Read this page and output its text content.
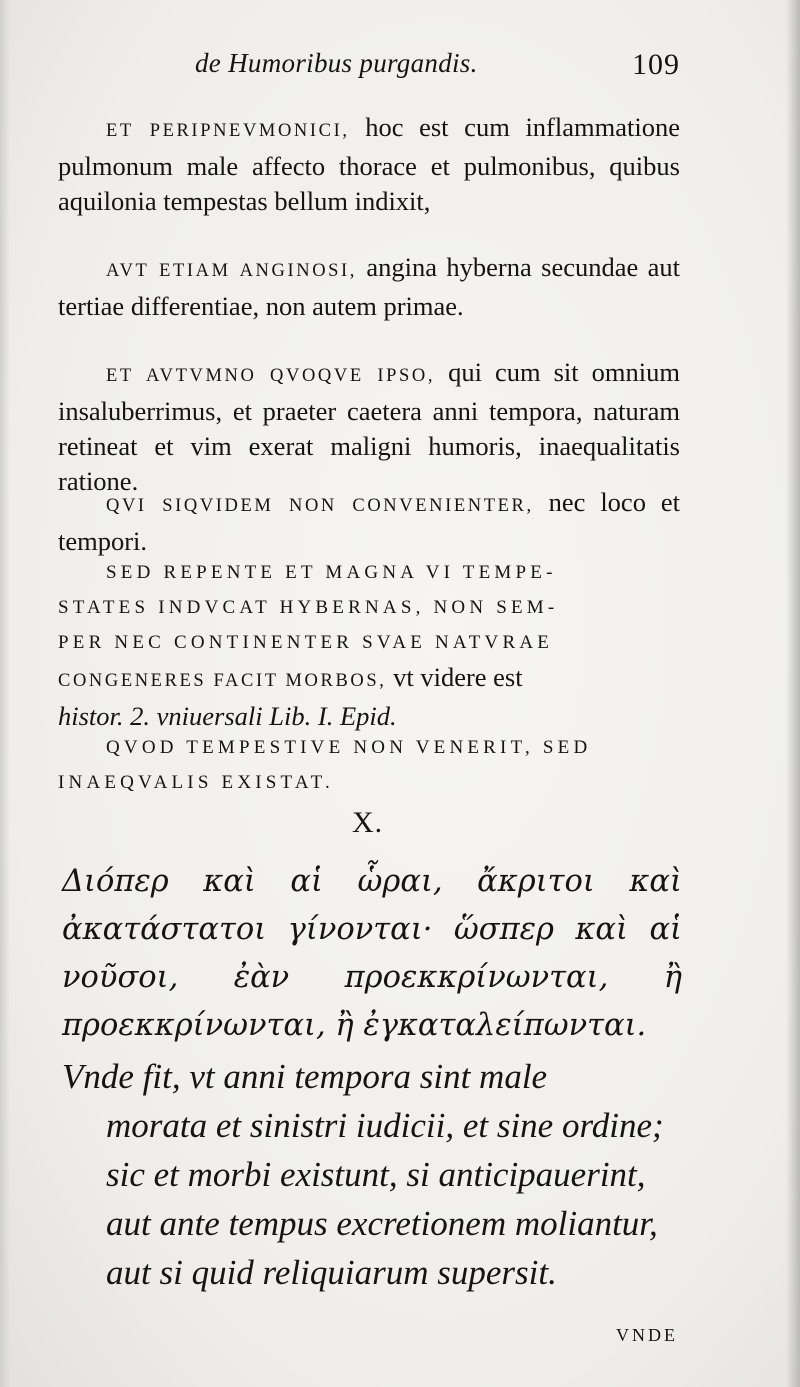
de Humoribus purgandis.	109
ET PERIPNEVMONICI, hoc est cum inflammatione pulmonum male affecto thorace et pulmonibus, quibus aquilonia tempestas bellum indixit,
AVT ETIAM ANGINOSI, angina hyberna secundae aut tertiae differentiae, non autem primae.
ET AVTVMNO QVOQVE IPSO, qui cum sit omnium insaluberrimus, et praeter caetera anni tempora, naturam retineat et vim exerat maligni humoris, inaequalitatis ratione.
QVI SIQVIDEM NON CONVENIENTER, nec loco et tempori.
SED REPENTE ET MAGNA VI TEMPE-
STATES INDVCAT HYBERNAS, NON SEM-
PER NEC CONTINENTER SVAE NATVRAE
CONGENERES FACIT MORBOS, vt videre est
histor. 2. vniuersali Lib. I. Epid.
QVOD TEMPESTIVE NON VENERIT, SED
INAEQVALIS EXISTAT.
X.
Διόπερ καὶ αἱ ὧραι, ἄκριτοι καὶ ἀκατάστατοι γίνονται· ὥσπερ καὶ αἱ νοῦσοι, ἐὰν προεκκρίνωνται, ἢ προεκκρίνωνται, ἢ ἐγκαταλείπωνται.
Vnde fit, vt anni tempora sint male
morata et sinistri iudicii, et sine ordine; sic et morbi existunt, si anticipauerint, aut ante tempus excretionem moliantur, aut si quid reliquiarum supersit.
VNDE
